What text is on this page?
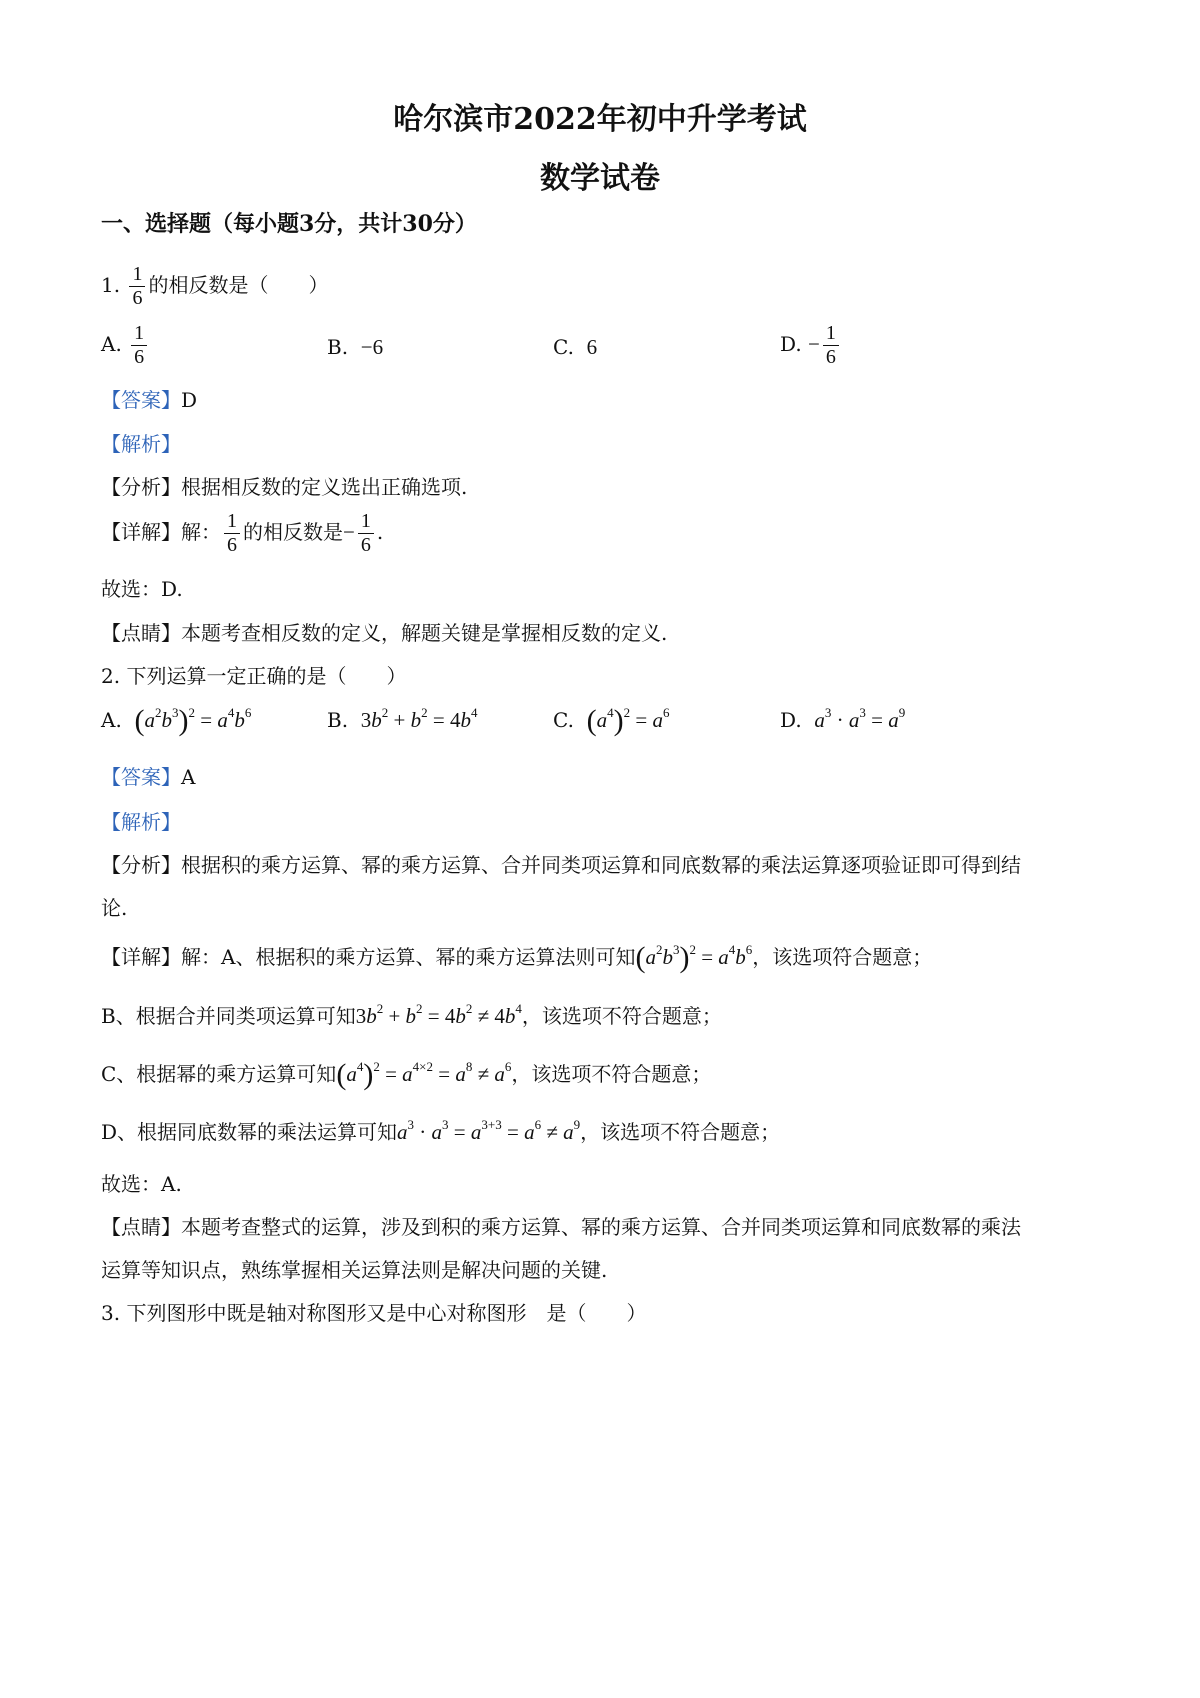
哈尔滨市2022年初中升学考试
数学试卷
一、选择题（每小题3分，共计30分）
1. $\frac{1}{6}$ 的相反数是（　　）
A. $\frac{1}{6}$	B. −6	C. 6	D. − $\frac{1}{6}$
【答案】D
【解析】
【分析】根据相反数的定义选出正确选项.
【详解】解： $\frac{1}{6}$ 的相反数是− $\frac{1}{6}$ .
故选：D.
【点睛】本题考查相反数的定义，解题关键是掌握相反数的定义.
2. 下列运算一定正确的是（　　）
A. $(a^2b^3)^2 = a^4b^6$	B. $3b^2 + b^2 = 4b^4$	C. $(a^4)^2 = a^6$	D. $a^3 \cdot a^3 = a^9$
【答案】A
【解析】
【分析】根据积的乘方运算、幂的乘方运算、合并同类项运算和同底数幂的乘法运算逐项验证即可得到结
论.
【详解】解：A、根据积的乘方运算、幂的乘方运算法则可知$(a^2b^3)^2 = a^4b^6$，该选项符合题意；
B、根据合并同类项运算可知$3b^2 + b^2 = 4b^2 \ne 4b^4$，该选项不符合题意；
C、根据幂的乘方运算可知$(a^4)^2 = a^{4\times 2} = a^8 \ne a^6$，该选项不符合题意；
D、根据同底数幂的乘法运算可知$a^3 \cdot a^3 = a^{3+3} = a^6 \ne a^9$，该选项不符合题意；
故选：A.
【点睛】本题考查整式的运算，涉及到积的乘方运算、幂的乘方运算、合并同类项运算和同底数幂的乘法
运算等知识点，熟练掌握相关运算法则是解决问题的关键.
3. 下列图形中既是轴对称图形又是中心对称图形　是（　　）
